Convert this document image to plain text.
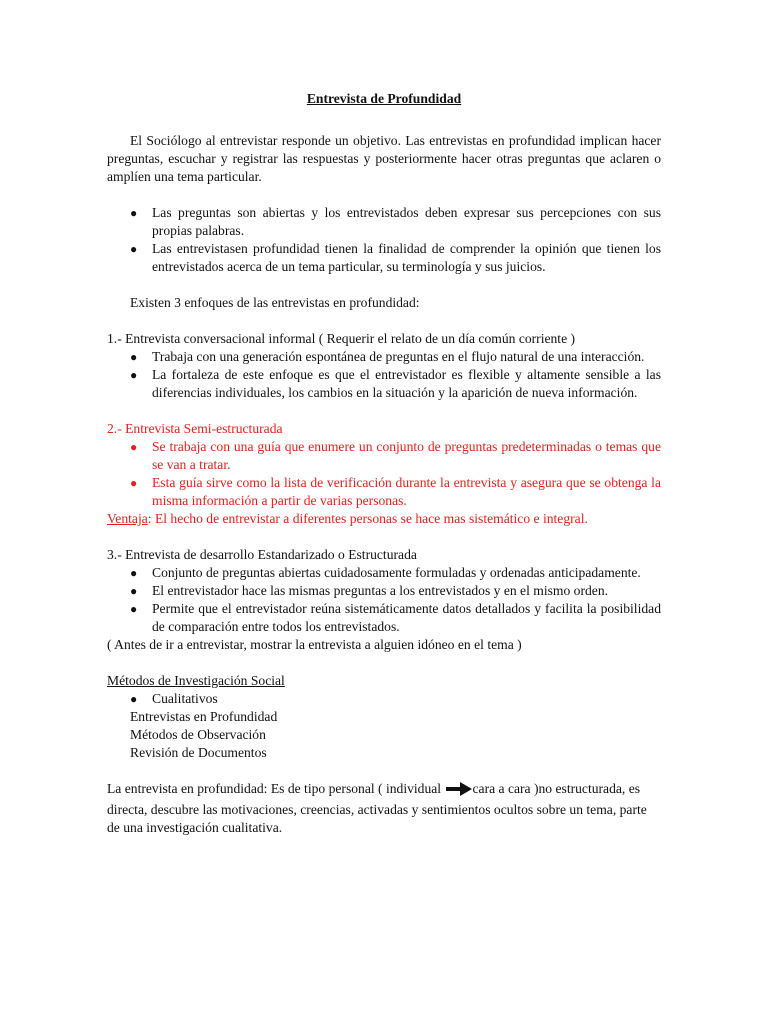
Entrevista de Profundidad

El Sociólogo al entrevistar responde un objetivo. Las entrevistas en profundidad implican hacer preguntas, escuchar y registrar las respuestas y posteriormente hacer otras preguntas que aclaren o amplíen una tema particular.

● Las preguntas son abiertas y los entrevistados deben expresar sus percepciones con sus propias palabras.
● Las entrevistasen profundidad tienen la finalidad de comprender la opinión que tienen los entrevistados acerca de un tema particular, su terminología y sus juicios.

Existen 3 enfoques de las entrevistas en profundidad:

1.- Entrevista conversacional informal ( Requerir el relato de un día común corriente )

● Trabaja con una generación espontánea de preguntas en el flujo natural de una interacción.
● La fortaleza de este enfoque es que el entrevistador es flexible y altamente sensible a las diferencias individuales, los cambios en la situación y la aparición de nueva información.

2.- Entrevista Semi-estructurada

● Se trabaja con una guía que enumere un conjunto de preguntas predeterminadas o temas que se van a tratar.
● Esta guía sirve como la lista de verificación durante la entrevista y asegura que se obtenga la misma información a partir de varias personas.

Ventaja: El hecho de entrevistar a diferentes personas se hace mas sistemático e integral.

3.- Entrevista de desarrollo Estandarizado o Estructurada

● Conjunto de preguntas abiertas cuidadosamente formuladas y ordenadas anticipadamente.
● El entrevistador hace las mismas preguntas a los entrevistados y en el mismo orden.
● Permite que el entrevistador reúna sistemáticamente datos detallados y facilita la posibilidad de comparación entre todos los entrevistados.

( Antes de ir a entrevistar, mostrar la entrevista a alguien idóneo en el tema )

Métodos de Investigación Social

● Cualitativos

Entrevistas en Profundidad

Métodos de Observación

Revisión de Documentos

La entrevista en profundidad: Es de tipo personal ( individual cara a cara )no estructurada, es directa, descubre las motivaciones, creencias, activadas y sentimientos ocultos sobre un tema, parte de una investigación cualitativa.
